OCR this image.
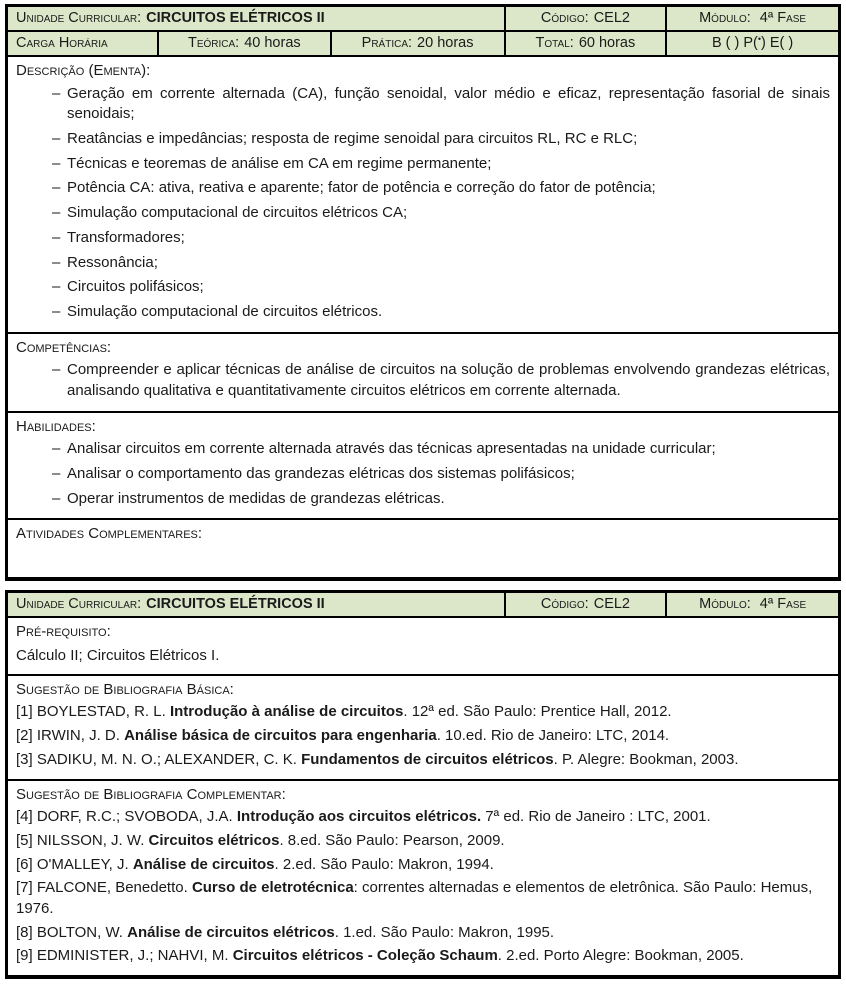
Unidade Curricular: CIRCUITOS ELÉTRICOS II			Código: CEL2	Módulo: 4ª Fase
Carga Horária	Teórica: 40 horas	Prática: 20 horas	Total: 60 horas	B ( ) P(•) E( )

Descrição (Ementa):
– Geração em corrente alternada (CA), função senoidal, valor médio e eficaz, representação fasorial de sinais senoidais;
– Reatâncias e impedâncias; resposta de regime senoidal para circuitos RL, RC e RLC;
– Técnicas e teoremas de análise em CA em regime permanente;
– Potência CA: ativa, reativa e aparente; fator de potência e correção do fator de potência;
– Simulação computacional de circuitos elétricos CA;
– Transformadores;
– Ressonância;
– Circuitos polifásicos;
– Simulação computacional de circuitos elétricos.

Competências:
– Compreender e aplicar técnicas de análise de circuitos na solução de problemas envolvendo grandezas elétricas, analisando qualitativa e quantitativamente circuitos elétricos em corrente alternada.				

Habilidades:
– Analisar circuitos em corrente alternada através das técnicas apresentadas na unidade curricular;
– Analisar o comportamento das grandezas elétricas dos sistemas polifásicos;
– Operar instrumentos de medidas de grandezas elétricas.

Atividades Complementares:				
Unidade Curricular: CIRCUITOS ELÉTRICOS II	Código: CEL2	Módulo: 4ª Fase

Pré-requisito:
Cálculo II; Circuitos Elétricos I.

Sugestão de Bibliografia Básica:
[1] BOYLESTAD, R. L. Introdução à análise de circuitos. 12ª ed. São Paulo: Prentice Hall, 2012.
[2] IRWIN, J. D. Análise básica de circuitos para engenharia. 10.ed. Rio de Janeiro: LTC, 2014.
[3] SADIKU, M. N. O.; ALEXANDER, C. K. Fundamentos de circuitos elétricos. P. Alegre: Bookman, 2003.

Sugestão de Bibliografia Complementar:
[4] DORF, R.C.; SVOBODA, J.A. Introdução aos circuitos elétricos. 7ª ed. Rio de Janeiro : LTC, 2001.
[5] NILSSON, J. W. Circuitos elétricos. 8.ed. São Paulo: Pearson, 2009.
[6] O'MALLEY, J. Análise de circuitos. 2.ed. São Paulo: Makron, 1994.
[7] FALCONE, Benedetto. Curso de eletrotécnica: correntes alternadas e elementos de eletrônica. São Paulo: Hemus, 1976.
[8] BOLTON, W. Análise de circuitos elétricos. 1.ed. São Paulo: Makron, 1995.
[9] EDMINISTER, J.; NAHVI, M. Circuitos elétricos - Coleção Schaum. 2.ed. Porto Alegre: Bookman, 2005.
